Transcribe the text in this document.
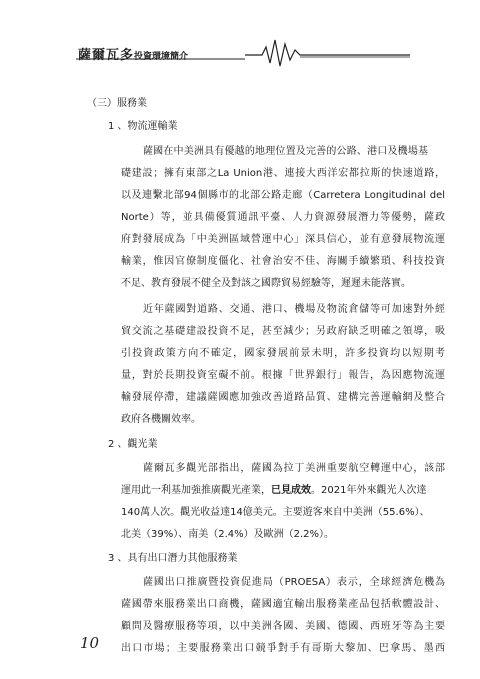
薩爾瓦多投資環境簡介
（三）服務業
1 、物流運輸業
薩國在中美洲具有優越的地理位置及完善的公路、港口及機場基
礎建設；擁有東部之La Union港、連接大西洋宏都拉斯的快速道路，
以及連繫北部94個縣市的北部公路走廊（Carretera Longitudinal del
Norte）等，並具備優質通訊平臺、人力資源發展潛力等優勢，薩政
府對發展成為「中美洲區域營運中心」深具信心，並有意發展物流運
輸業，惟因官僚制度僵化、社會治安不佳、海關手續繁瑣、科技投資
不足、教育發展不健全及對該之國際貿易經驗等，遲遲未能落實。
近年薩國對道路、交通、港口、機場及物流倉儲等可加速對外經
貿交流之基礎建設投資不足，甚至減少；另政府缺乏明確之領導，吸
引投資政策方向不確定，國家發展前景未明，許多投資均以短期考
量，對於長期投資室礙不前。根據「世界銀行」報告，為因應物流運
輸發展停滯，建議薩國應加強改善道路品質、建構完善運輸網及整合
政府各機關效率。
2 、觀光業
薩爾瓦多觀光部指出，薩國為拉丁美洲重要航空轉運中心，該部
運用此一利基加強推廣觀光產業，已見成效。2021年外來觀光人次達
140萬人次。觀光收益達14億美元。主要遊客來自中美洲（55.6%）、
北美（39%）、南美（2.4%）及歐洲（2.2%）。
3 、具有出口潛力其他服務業
薩國出口推廣暨投資促進局（PROESA）表示，全球經濟危機為
薩國帶來服務業出口商機，薩國適宜輸出服務業產品包括軟體設計、
顧問及醫療服務等項，以中美洲各國、美國、德國、西班牙等為主要
出口市場；主要服務業出口競爭對手有哥斯大黎加、巴拿馬、墨西
10
